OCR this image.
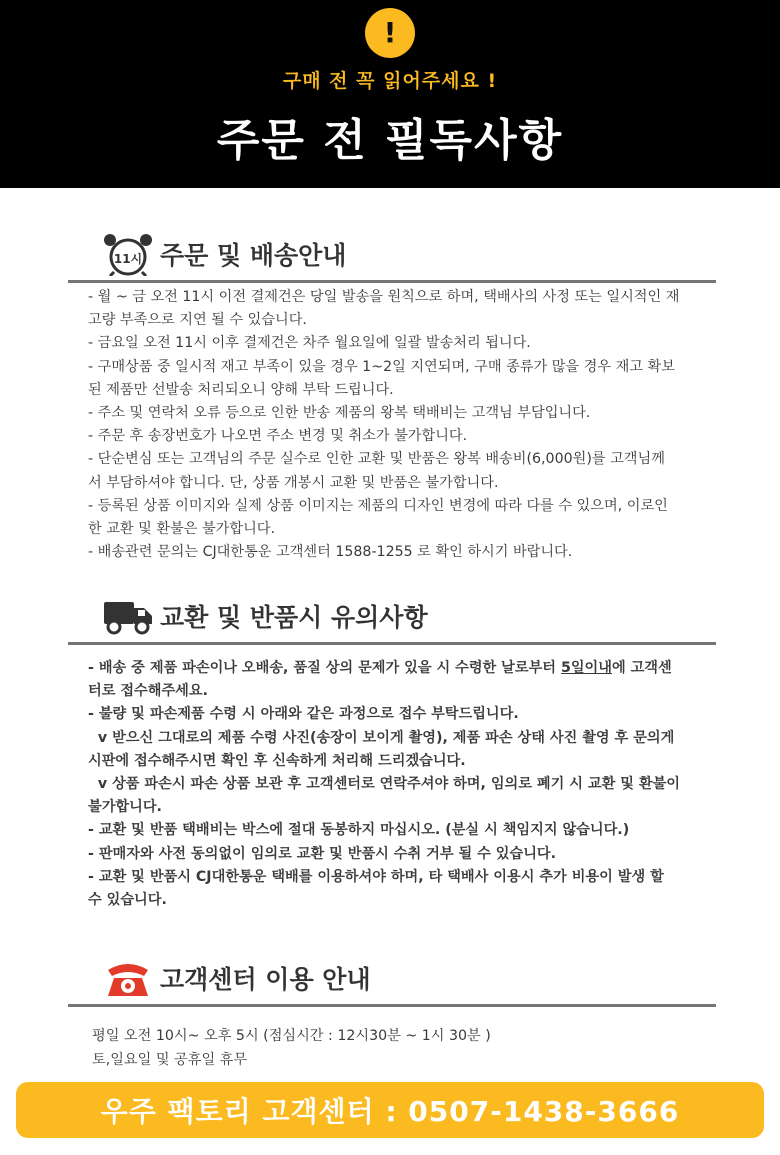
!
구매 전 꼭 읽어주세요 !
주문 전 필독사항
11시 주문 및 배송안내
- 월 ~ 금 오전 11시 이전 결제건은 당일 발송을 원칙으로 하며, 택배사의 사정 또는 일시적인 재
고량 부족으로 지연 될 수 있습니다.
- 금요일 오전 11시 이후 결제건은 차주 월요일에 일괄 발송처리 됩니다.
- 구매상품 중 일시적 재고 부족이 있을 경우 1~2일 지연되며, 구매 종류가 많을 경우 재고 확보
된 제품만 선발송 처리되오니 양해 부탁 드립니다.
- 주소 및 연락처 오류 등으로 인한 반송 제품의 왕복 택배비는 고객님 부담입니다.
- 주문 후 송장번호가 나오면 주소 변경 및 취소가 불가합니다.
- 단순변심 또는 고객님의 주문 실수로 인한 교환 및 반품은 왕복 배송비(6,000원)를 고객님께
서 부담하셔야 합니다. 단, 상품 개봉시 교환 및 반품은 불가합니다.
- 등록된 상품 이미지와 실제 상품 이미지는 제품의 디자인 변경에 따라 다를 수 있으며, 이로인
한 교환 및 환불은 불가합니다.
- 배송관련 문의는 CJ대한통운 고객센터 1588-1255 로 확인 하시기 바랍니다.
교환 및 반품시 유의사항
- 배송 중 제품 파손이나 오배송, 품질 상의 문제가 있을 시 수령한 날로부터 5일이내에 고객센
터로 접수해주세요.
- 불량 및 파손제품 수령 시 아래와 같은 과정으로 접수 부탁드립니다.
v 받으신 그대로의 제품 수령 사진(송장이 보이게 촬영), 제품 파손 상태 사진 촬영 후 문의게
시판에 접수해주시면 확인 후 신속하게 처리해 드리겠습니다.
v 상품 파손시 파손 상품 보관 후 고객센터로 연락주셔야 하며, 임의로 폐기 시 교환 및 환불이
불가합니다.
- 교환 및 반품 택배비는 박스에 절대 동봉하지 마십시오. (분실 시 책임지지 않습니다.)
- 판매자와 사전 동의없이 임의로 교환 및 반품시 수취 거부 될 수 있습니다.
- 교환 및 반품시 CJ대한통운 택배를 이용하셔야 하며, 타 택배사 이용시 추가 비용이 발생 할
수 있습니다.
고객센터 이용 안내
평일 오전 10시~ 오후 5시 (점심시간 : 12시30분 ~ 1시 30분 )
토,일요일 및 공휴일 휴무
우주 팩토리 고객센터 : 0507-1438-3666
